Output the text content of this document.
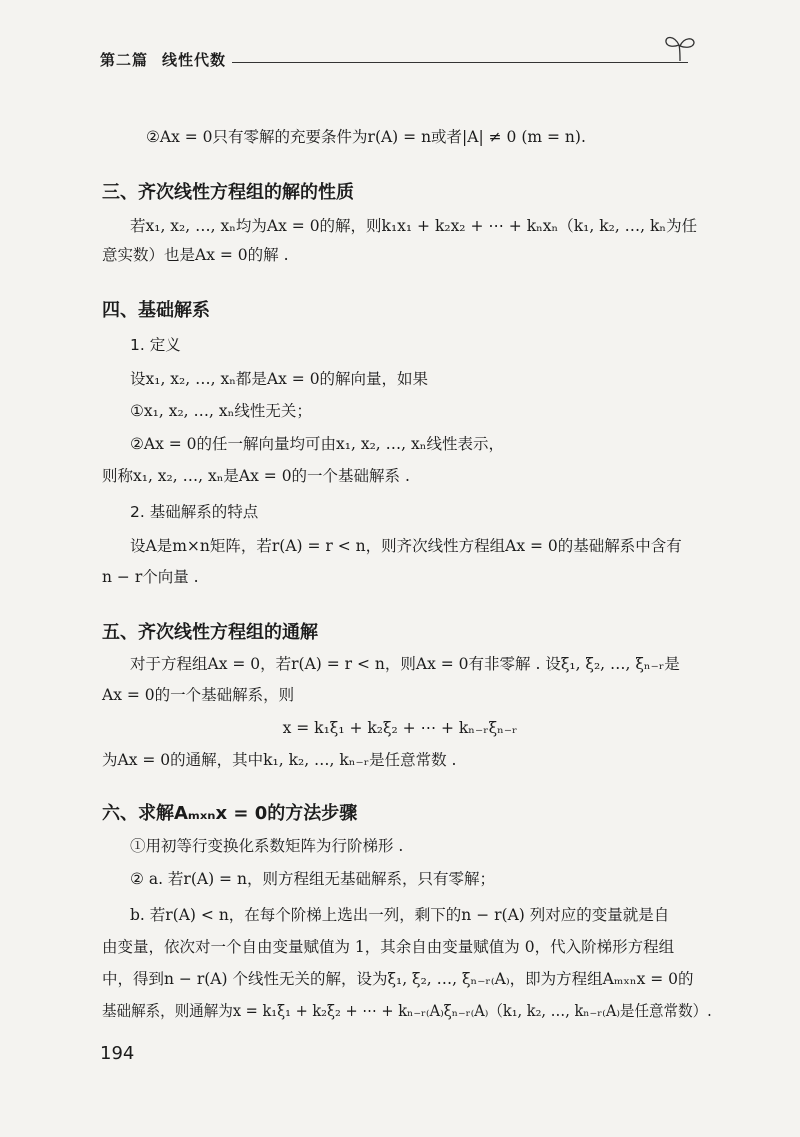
第二篇 线性代数
②Ax = 0只有零解的充要条件为r(A) = n或者|A| ≠ 0 (m = n).
三、齐次线性方程组的解的性质
若x₁, x₂, …, xₙ均为Ax = 0的解，则k₁x₁ + k₂x₂ + ⋯ + kₙxₙ（k₁, k₂, …, kₙ为任
意实数）也是Ax = 0的解 .
四、基础解系
1. 定义
设x₁, x₂, …, xₙ都是Ax = 0的解向量，如果
①x₁, x₂, …, xₙ线性无关；
②Ax = 0的任一解向量均可由x₁, x₂, …, xₙ线性表示，
则称x₁, x₂, …, xₙ是Ax = 0的一个基础解系 .
2. 基础解系的特点
设A是m×n矩阵，若r(A) = r < n，则齐次线性方程组Ax = 0的基础解系中含有
n − r个向量 .
五、齐次线性方程组的通解
对于方程组Ax = 0，若r(A) = r < n，则Ax = 0有非零解 . 设ξ₁, ξ₂, …, ξₙ₋ᵣ是
Ax = 0的一个基础解系，则
x = k₁ξ₁ + k₂ξ₂ + ⋯ + kₙ₋ᵣξₙ₋ᵣ
为Ax = 0的通解，其中k₁, k₂, …, kₙ₋ᵣ是任意常数 .
六、求解Aₘₓₙx = 0的方法步骤
①用初等行变换化系数矩阵为行阶梯形 .
② a. 若r(A) = n，则方程组无基础解系，只有零解；
b. 若r(A) < n，在每个阶梯上选出一列，剩下的n − r(A) 列对应的变量就是自
由变量，依次对一个自由变量赋值为 1，其余自由变量赋值为 0，代入阶梯形方程组
中，得到n − r(A) 个线性无关的解，设为ξ₁, ξ₂, …, ξₙ₋ᵣ₍A₎，即为方程组Aₘₓₙx = 0的
基础解系，则通解为x = k₁ξ₁ + k₂ξ₂ + ⋯ + kₙ₋ᵣ₍A₎ξₙ₋ᵣ₍A₎（k₁, k₂, …, kₙ₋ᵣ₍A₎是任意常数）.
194
